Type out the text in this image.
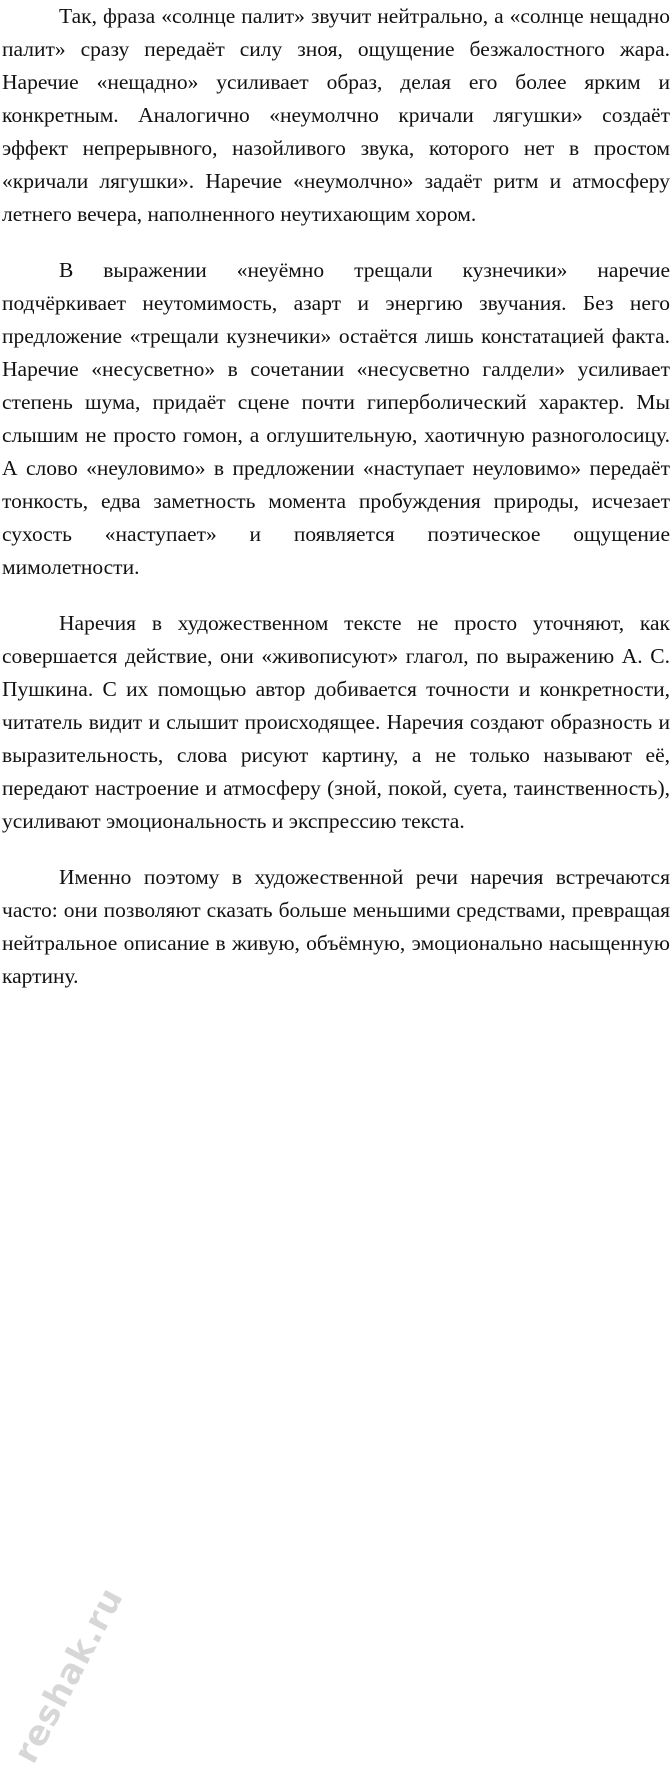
Так, фраза «солнце палит» звучит нейтрально, а «солнце нещадно палит» сразу передаёт силу зноя, ощущение безжалостного жара. Наречие «нещадно» усиливает образ, делая его более ярким и конкретным. Аналогично «неумолчно кричали лягушки» создаёт эффект непрерывного, назойливого звука, которого нет в простом «кричали лягушки». Наречие «неумолчно» задаёт ритм и атмосферу летнего вечера, наполненного неутихающим хором.

В выражении «неуёмно трещали кузнечики» наречие подчёркивает неутомимость, азарт и энергию звучания. Без него предложение «трещали кузнечики» остаётся лишь констатацией факта. Наречие «несусветно» в сочетании «несусветно галдели» усиливает степень шума, придаёт сцене почти гиперболический характер. Мы слышим не просто гомон, а оглушительную, хаотичную разноголосицу. А слово «неуловимо» в предложении «наступает неуловимо» передаёт тонкость, едва заметность момента пробуждения природы, исчезает сухость «наступает» и появляется поэтическое ощущение мимолетности.

Наречия в художественном тексте не просто уточняют, как совершается действие, они «живописуют» глагол, по выражению А. С. Пушкина. С их помощью автор добивается точности и конкретности, читатель видит и слышит происходящее. Наречия создают образность и выразительность, слова рисуют картину, а не только называют её, передают настроение и атмосферу (зной, покой, суета, таинственность), усиливают эмоциональность и экспрессию текста.

Именно поэтому в художественной речи наречия встречаются часто: они позволяют сказать больше меньшими средствами, превращая нейтральное описание в живую, объёмную, эмоционально насыщенную картину.

reshak.ru
